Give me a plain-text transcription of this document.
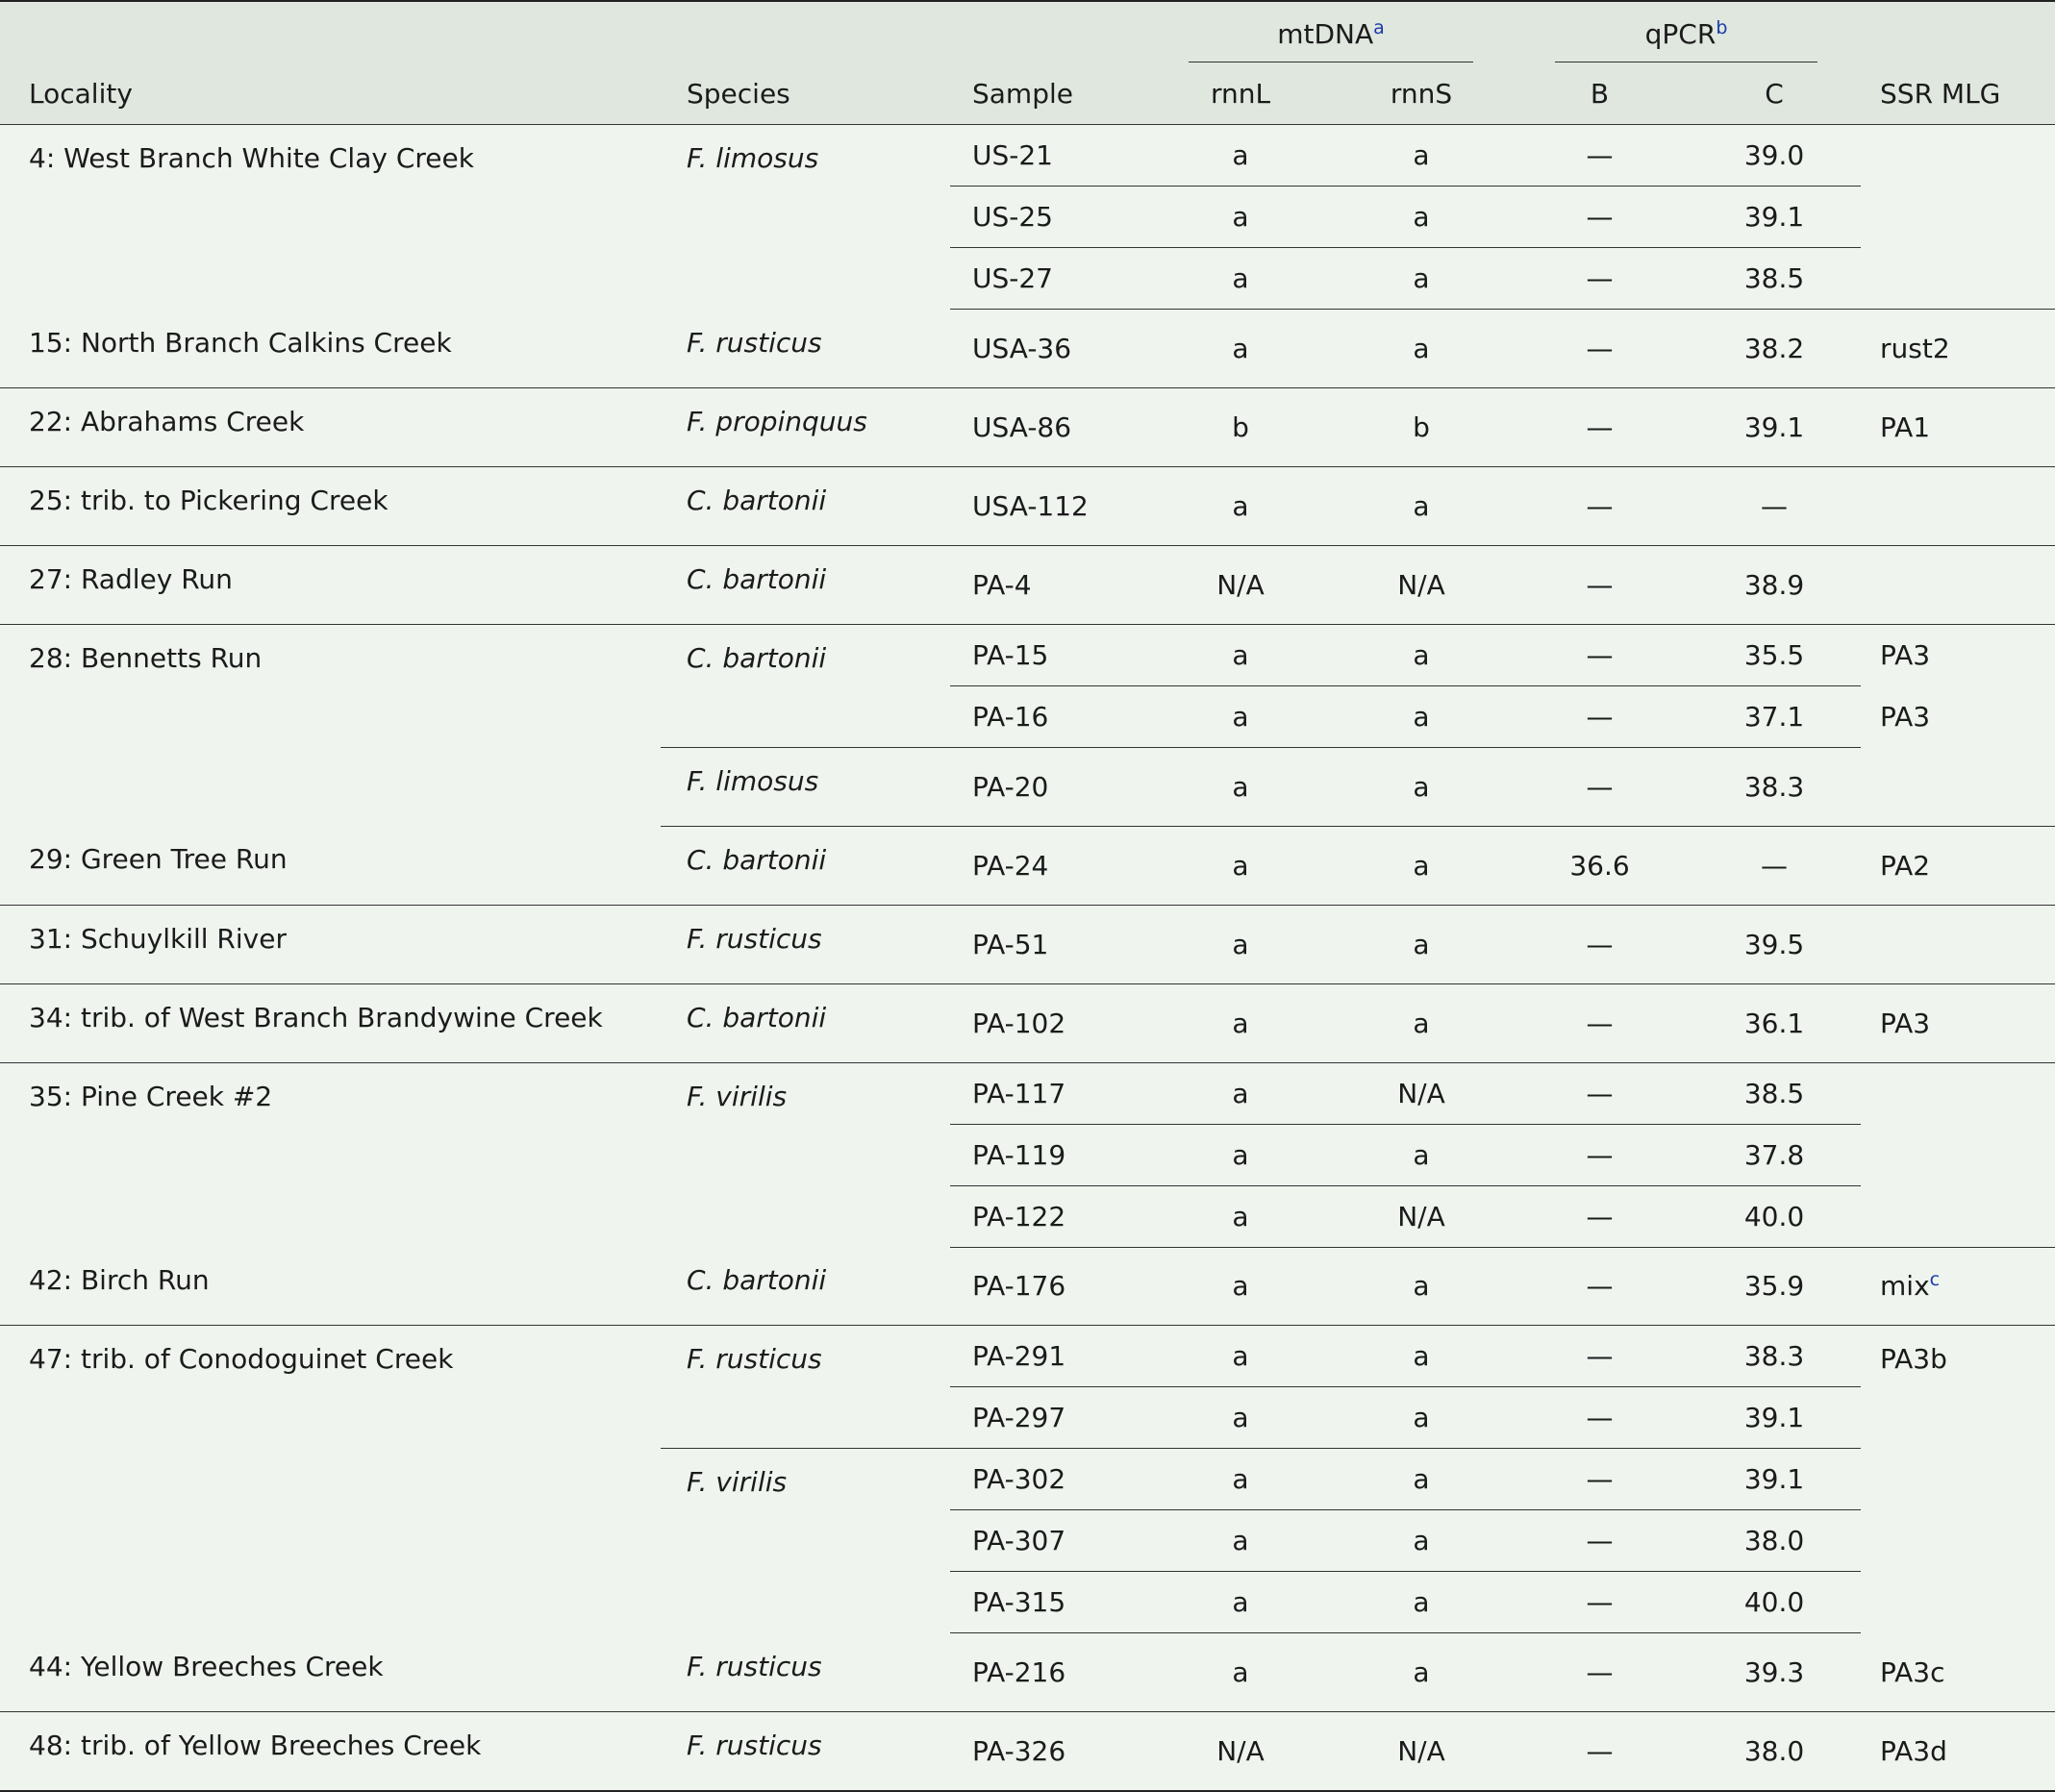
			mtDNA$^a$		qPCR$^b$

Locality	Species	Sample	rnnL	rnnS	B	C	SSR MLG
4: West Branch White Clay Creek	F. limosus	US-21	a	a	—	39.0	
		US-25	a	a	—	39.1	
		US-27	a	a	—	38.5	
15: North Branch Calkins Creek	F. rusticus	USA-36	a	a	—	38.2	rust2
22: Abrahams Creek	F. propinquus	USA-86	b	b	—	39.1	PA1
25: trib. to Pickering Creek	C. bartonii	USA-112	a	a	—	—	
27: Radley Run	C. bartonii	PA-4	N/A	N/A	—	38.9	
28: Bennetts Run	C. bartonii	PA-15	a	a	—	35.5	PA3
		PA-16	a	a	—	37.1	PA3
	F. limosus	PA-20	a	a	—	38.3	
29: Green Tree Run	C. bartonii	PA-24	a	a	36.6	—	PA2
31: Schuylkill River	F. rusticus	PA-51	a	a	—	39.5	
34: trib. of West Branch Brandywine Creek	C. bartonii	PA-102	a	a	—	36.1	PA3
35: Pine Creek #2	F. virilis	PA-117	a	N/A	—	38.5	
		PA-119	a	a	—	37.8	
		PA-122	a	N/A	—	40.0	
42: Birch Run	C. bartonii	PA-176	a	a	—	35.9	mix$^c$
47: trib. of Conodoguinet Creek	F. rusticus	PA-291	a	a	—	38.3	PA3b
		PA-297	a	a	—	39.1	
	F. virilis	PA-302	a	a	—	39.1	
		PA-307	a	a	—	38.0	
		PA-315	a	a	—	40.0	
44: Yellow Breeches Creek	F. rusticus	PA-216	a	a	—	39.3	PA3c
48: trib. of Yellow Breeches Creek	F. rusticus	PA-326	N/A	N/A	—	38.0	PA3d
